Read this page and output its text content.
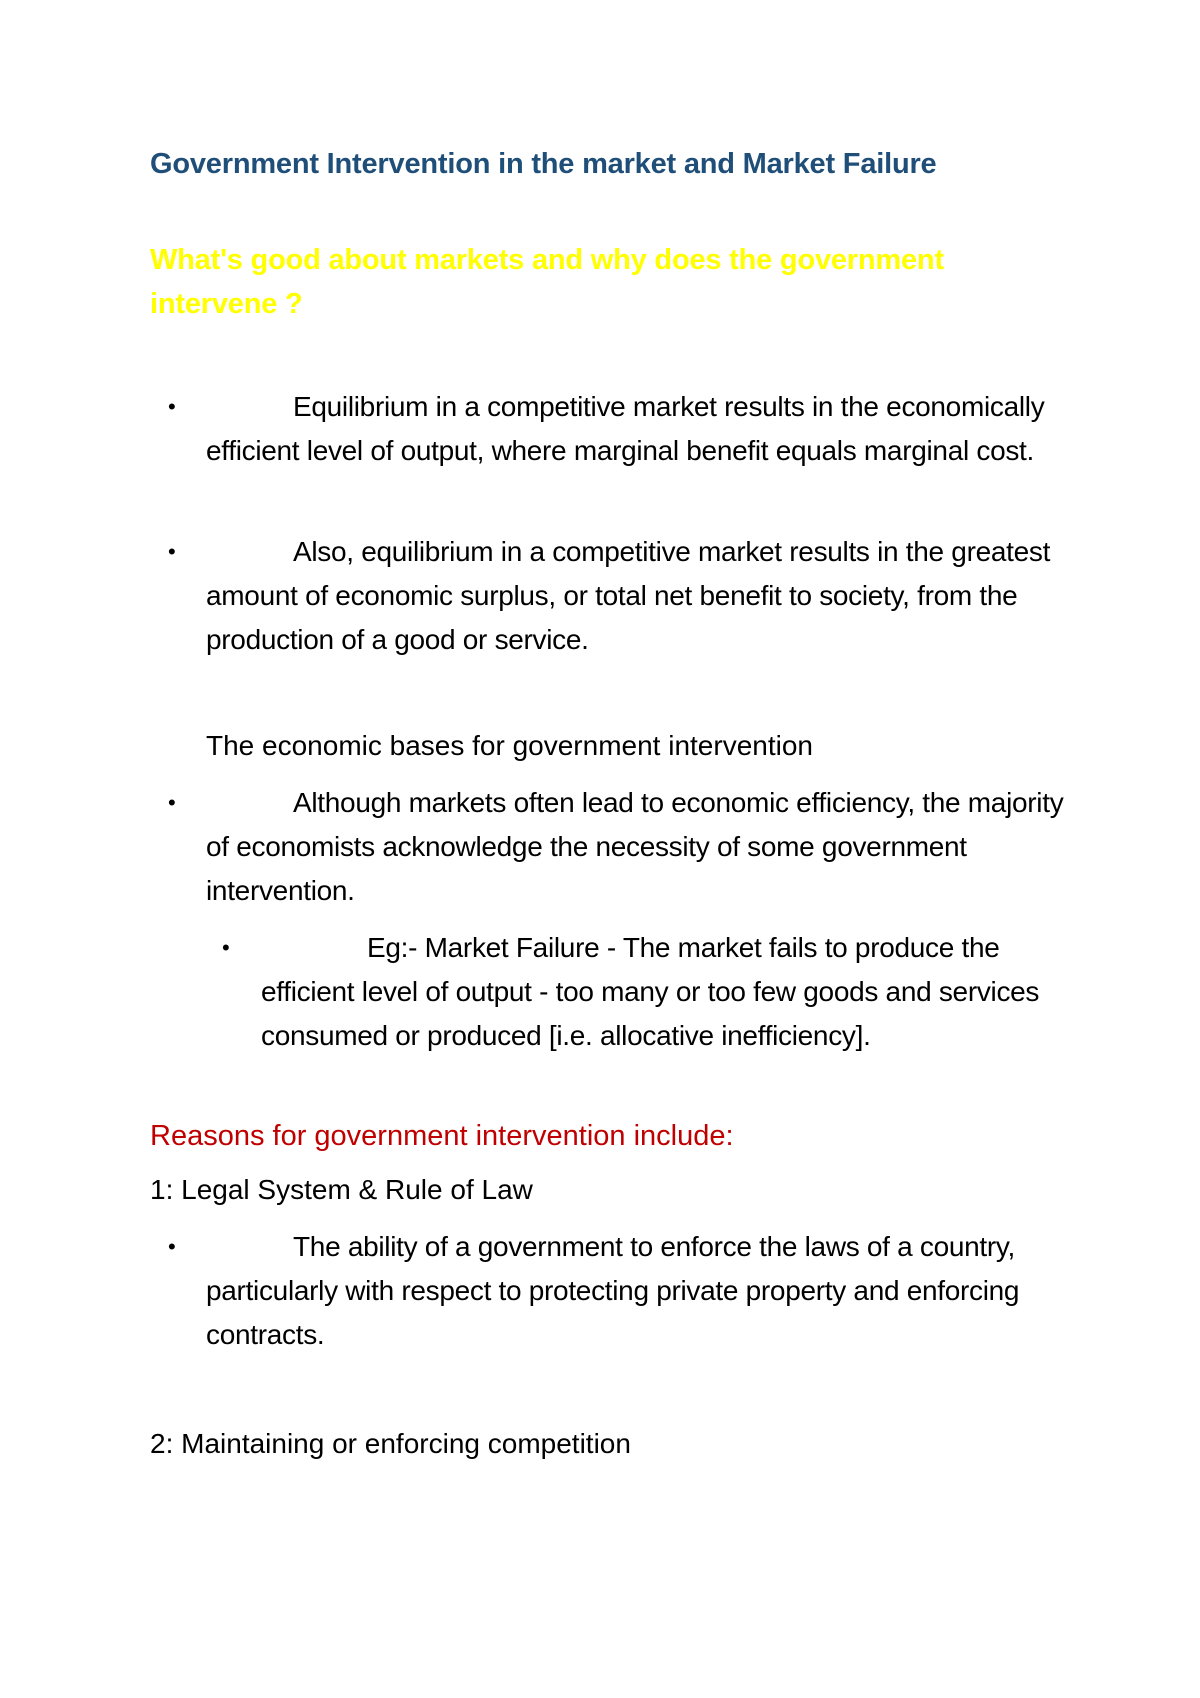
Government Intervention in the market and Market Failure
What's good about markets and why does the government intervene ?
•	Equilibrium in a competitive market results in the economically efficient level of output, where marginal benefit equals marginal cost.
•	Also, equilibrium in a competitive market results in the greatest amount of economic surplus, or total net benefit to society, from the production of a good or service.

The economic bases for government intervention

•	Although markets often lead to economic efficiency, the majority of economists acknowledge the necessity of some government intervention.
•	Eg:- Market Failure - The market fails to produce the efficient level of output - too many or too few goods and services consumed or produced [i.e. allocative inefficiency].

Reasons for government intervention include:

1: Legal System & Rule of Law

•	The ability of a government to enforce the laws of a country, particularly with respect to protecting private property and enforcing contracts.

2: Maintaining or enforcing competition
